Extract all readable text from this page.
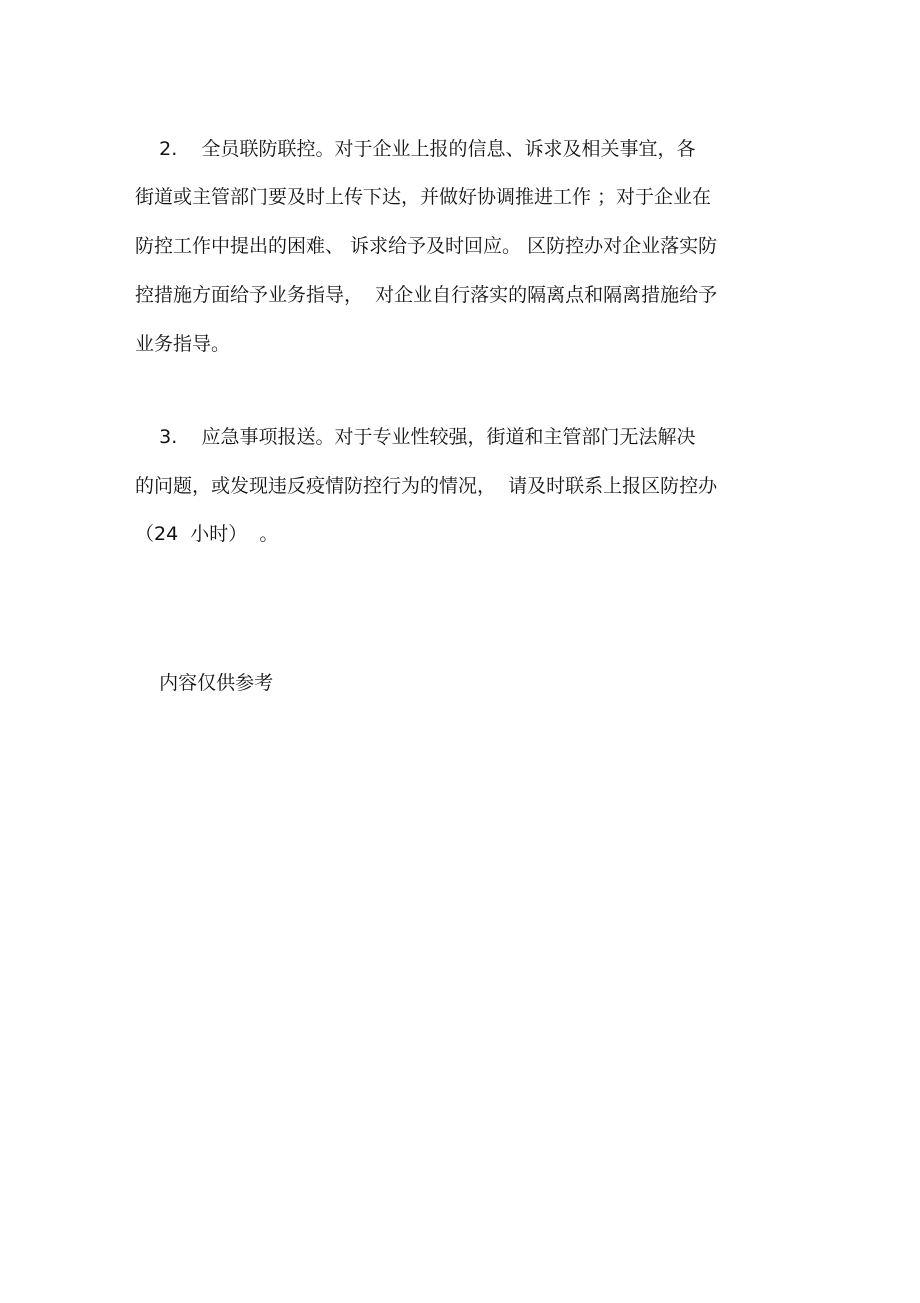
2.    全员联防联控。对于企业上报的信息、诉求及相关事宜，各
街道或主管部门要及时上传下达，并做好协调推进工作 ；对于企业在
防控工作中提出的困难、 诉求给予及时回应。 区防控办对企业落实防
控措施方面给予业务指导，  对企业自行落实的隔离点和隔离措施给予
业务指导。
3.    应急事项报送。对于专业性较强，街道和主管部门无法解决
的问题，或发现违反疫情防控行为的情况，  请及时联系上报区防控办
（24  小时）  。
内容仅供参考
